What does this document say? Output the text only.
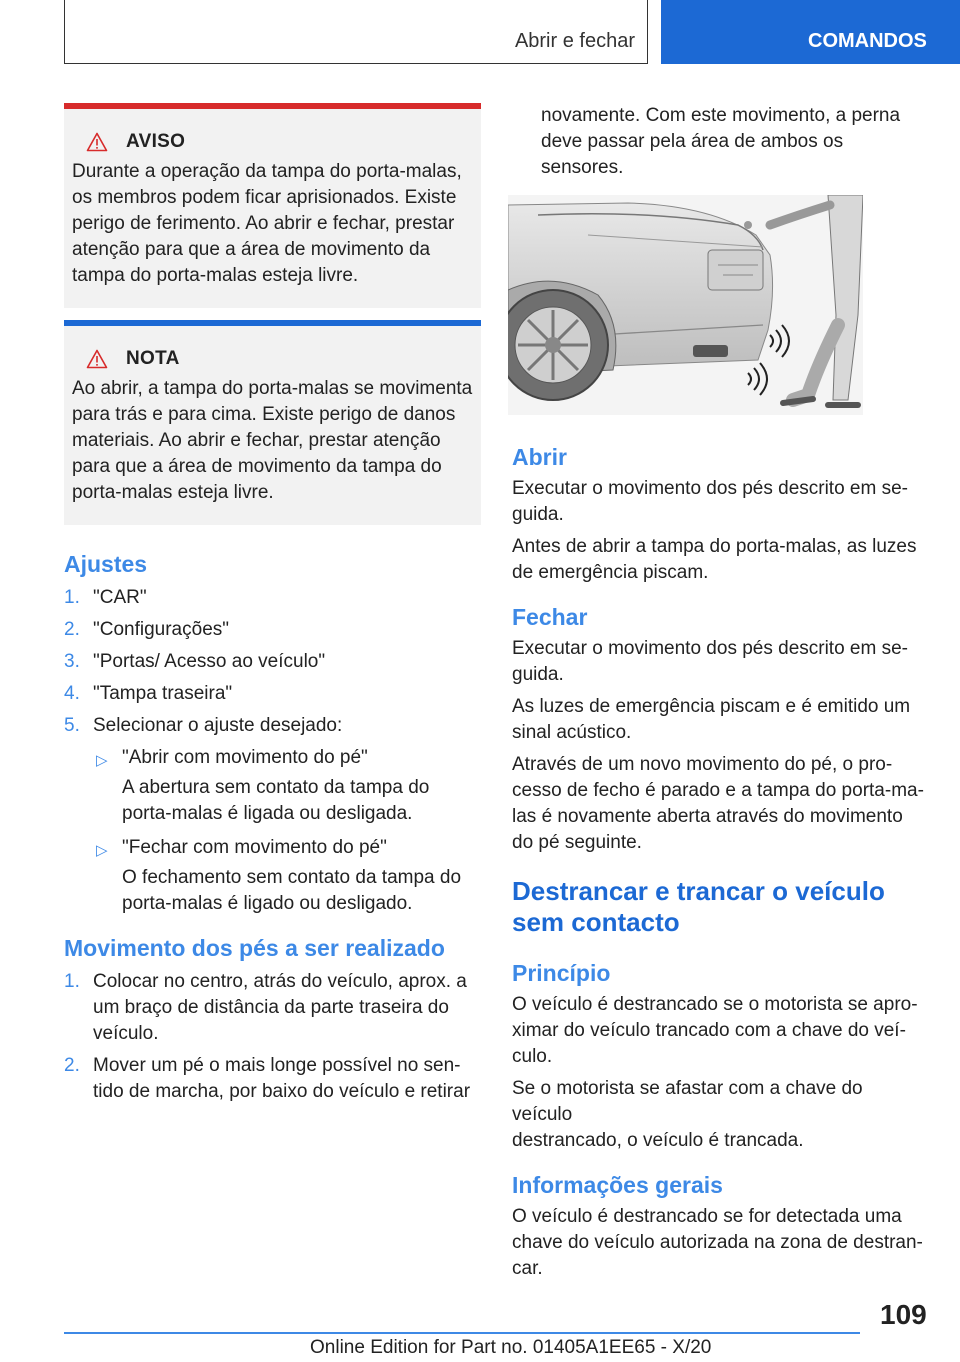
Abrir e fechar	COMANDOS
AVISO
Durante a operação da tampa do porta-malas,
os membros podem ficar aprisionados. Existe
perigo de ferimento. Ao abrir e fechar, prestar
atenção para que a área de movimento da
tampa do porta-malas esteja livre.
NOTA
Ao abrir, a tampa do porta-malas se movimenta
para trás e para cima. Existe perigo de danos
materiais. Ao abrir e fechar, prestar atenção
para que a área de movimento da tampa do
porta-malas esteja livre.
Ajustes
1. "CAR"
2. "Configurações"
3. "Portas/ Acesso ao veículo"
4. "Tampa traseira"
5. Selecionar o ajuste desejado:
▷ "Abrir com movimento do pé"
A abertura sem contato da tampa do
porta-malas é ligada ou desligada.
▷ "Fechar com movimento do pé"
O fechamento sem contato da tampa do
porta-malas é ligado ou desligado.
Movimento dos pés a ser realizado
1. Colocar no centro, atrás do veículo, aprox. a
um braço de distância da parte traseira do
veículo.
2. Mover um pé o mais longe possível no sen-
tido de marcha, por baixo do veículo e retirar
novamente. Com este movimento, a perna
deve passar pela área de ambos os sensores.
Abrir
Executar o movimento dos pés descrito em se-
guida.
Antes de abrir a tampa do porta-malas, as luzes
de emergência piscam.
Fechar
Executar o movimento dos pés descrito em se-
guida.
As luzes de emergência piscam e é emitido um
sinal acústico.
Através de um novo movimento do pé, o pro-
cesso de fecho é parado e a tampa do porta-ma-
las é novamente aberta através do movimento
do pé seguinte.
Destrancar e trancar o veículo
sem contacto
Princípio
O veículo é destrancado se o motorista se apro-
ximar do veículo trancado com a chave do veí-
culo.
Se o motorista se afastar com a chave do veículo
destrancado, o veículo é trancada.
Informações gerais
O veículo é destrancado se for detectada uma
chave do veículo autorizada na zona de destran-
car.
109
Online Edition for Part no. 01405A1EE65 - X/20
